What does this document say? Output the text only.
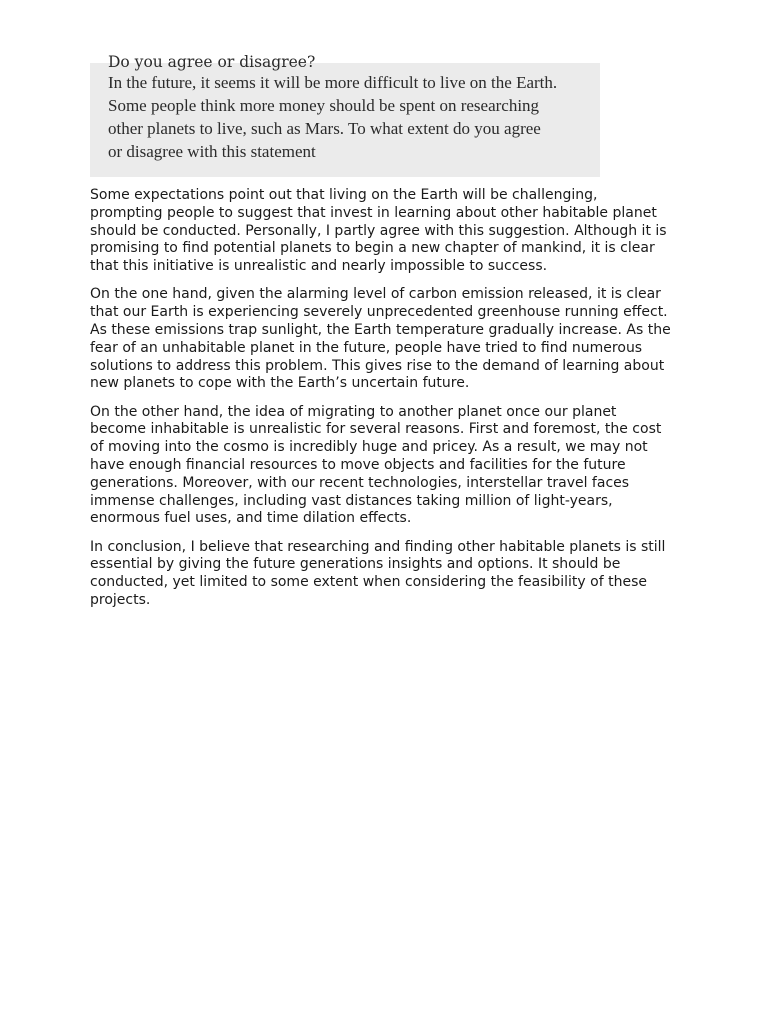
Do you agree or disagree?
In the future, it seems it will be more difficult to live on the Earth.
Some people think more money should be spent on researching
other planets to live, such as Mars. To what extent do you agree
or disagree with this statement

Some expectations point out that living on the Earth will be challenging, prompting people to suggest that invest in learning about other habitable planet should be conducted. Personally, I partly agree with this suggestion. Although it is promising to find potential planets to begin a new chapter of mankind, it is clear that this initiative is unrealistic and nearly impossible to success.

On the one hand, given the alarming level of carbon emission released, it is clear that our Earth is experiencing severely unprecedented greenhouse running effect. As these emissions trap sunlight, the Earth temperature gradually increase. As the fear of an unhabitable planet in the future, people have tried to find numerous solutions to address this problem. This gives rise to the demand of learning about new planets to cope with the Earth’s uncertain future.

On the other hand, the idea of migrating to another planet once our planet become inhabitable is unrealistic for several reasons. First and foremost, the cost of moving into the cosmo is incredibly huge and pricey. As a result, we may not have enough financial resources to move objects and facilities for the future generations. Moreover, with our recent technologies, interstellar travel faces immense challenges, including vast distances taking million of light-years, enormous fuel uses, and time dilation effects.

In conclusion, I believe that researching and finding other habitable planets is still essential by giving the future generations insights and options. It should be conducted, yet limited to some extent when considering the feasibility of these projects.
